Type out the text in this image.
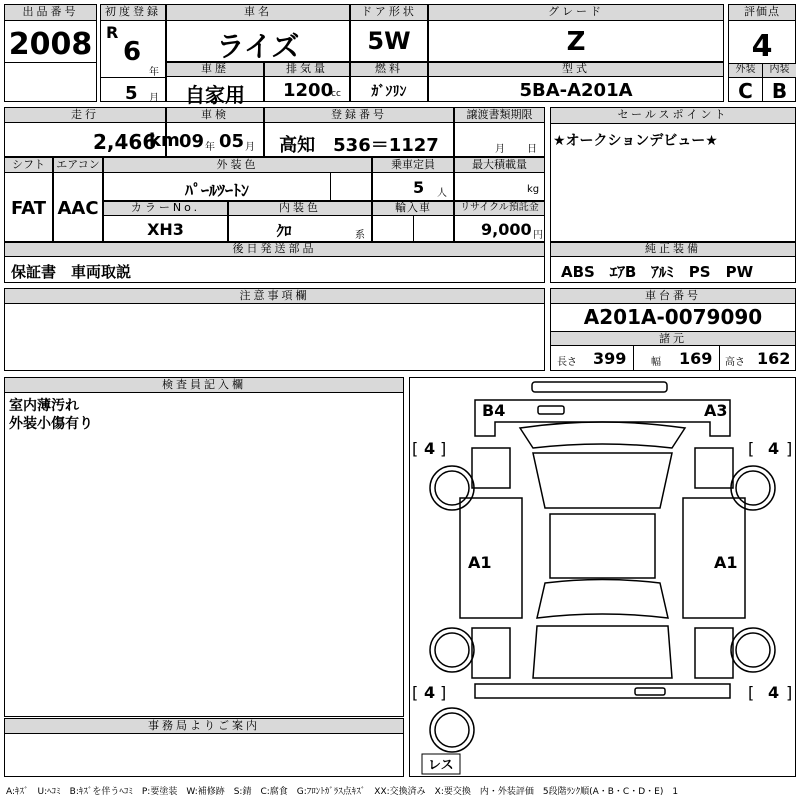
出品番号
2008
初度登録
R
6
年
5 月
車名
ライズ
ドア形状
5W
グレード
Z
車歴
自家用
排気量
1200
cc
燃料
ｶﾞｿﾘﾝ
型式
5BA-A201A
評価点
4
外装	内装
C B
走行
2,466
km
車検
09 年 05 月
登録番号
高知　536＝1127
譲渡書類期限
月 日
シフト
FAT
エアコン
AAC
外装色
ﾊﾟｰﾙﾂｰﾄﾝ
乗車定員
5 人
最大積載量
kg
カラーNo.
XH3
内装色
ｸﾛ	系
輸入車	リサイクル預託金
9,000 円
後日発送部品
保証書　車両取説
セールスポイント
★オークションデビュー★
純正装備
ABS　ｴｱB　ｱﾙﾐ　PS　PW
注意事項欄	車台番号
A201A-0079090
諸元
長さ 399 幅 169 高さ 162
検査員記入欄
室内薄汚れ
外装小傷有り
事務局よりご案内
B4	A3
A1	A1
[ 4 ]	[ 4 ]
[ 4 ]	[ 4 ]
レス
A:ｷｽﾞ　U:ﾍｺﾐ　B:ｷｽﾞを伴うﾍｺﾐ　P:要塗装　W:補修跡　S:錆　C:腐食　G:ﾌﾛﾝﾄｶﾞﾗｽ点ｷｽﾞ　XX:交換済み　X:要交換　内・外装評価　5段階ﾗﾝｸ順(A・B・C・D・E)　1
